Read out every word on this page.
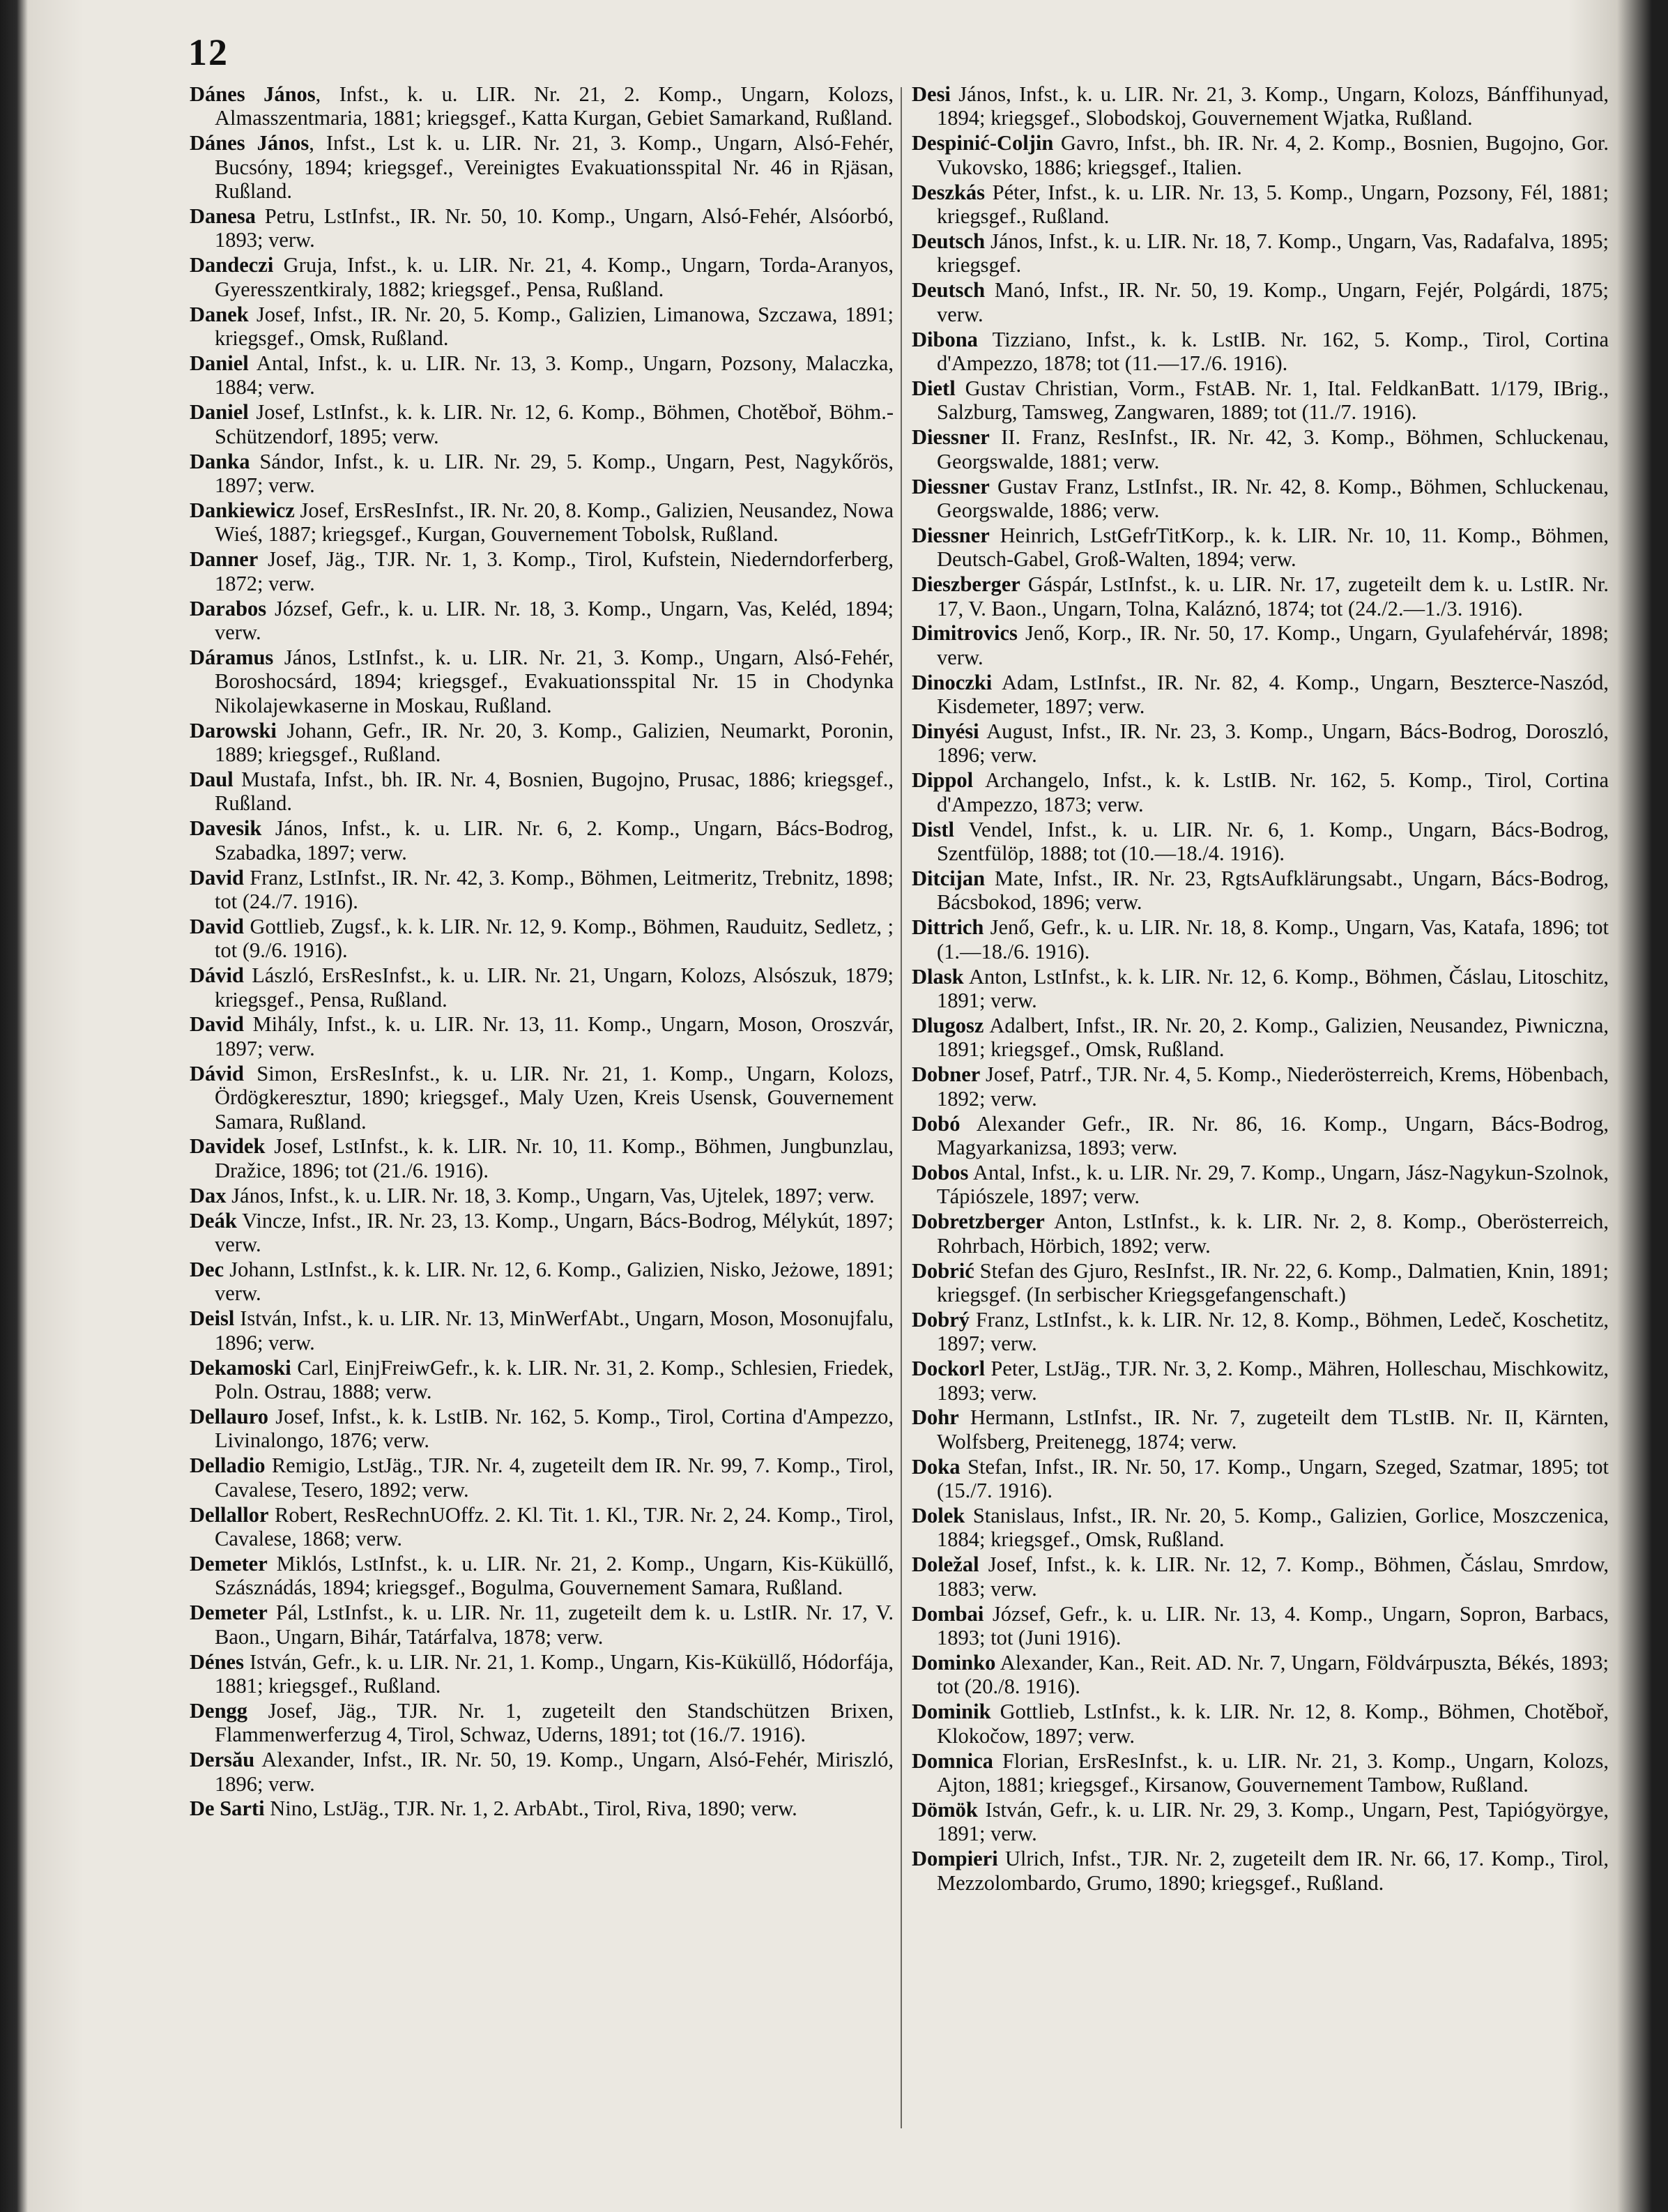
12

Dánes János, Infst., k. u. LIR. Nr. 21, 2. Komp., Ungarn, Kolozs, Almasszentmaria, 1881; kriegsgef., Katta Kurgan, Gebiet Samarkand, Rußland.

Dánes János, Infst., Lst k. u. LIR. Nr. 21, 3. Komp., Ungarn, Alsó-Fehér, Bucsóny, 1894; kriegsgef., Vereinigtes Evakuationsspital Nr. 46 in Rjäsan, Rußland.

Danesa Petru, LstInfst., IR. Nr. 50, 10. Komp., Ungarn, Alsó-Fehér, Alsóorbó, 1893; verw.

Dandeczi Gruja, Infst., k. u. LIR. Nr. 21, 4. Komp., Ungarn, Torda-Aranyos, Gyeresszentkiraly, 1882; kriegsgef., Pensa, Rußland.

Danek Josef, Infst., IR. Nr. 20, 5. Komp., Galizien, Limanowa, Szczawa, 1891; kriegsgef., Omsk, Rußland.

Daniel Antal, Infst., k. u. LIR. Nr. 13, 3. Komp., Ungarn, Pozsony, Malaczka, 1884; verw.

Daniel Josef, LstInfst., k. k. LIR. Nr. 12, 6. Komp., Böhmen, Chotěboř, Böhm.-Schützendorf, 1895; verw.

Danka Sándor, Infst., k. u. LIR. Nr. 29, 5. Komp., Ungarn, Pest, Nagykőrös, 1897; verw.

Dankiewicz Josef, ErsResInfst., IR. Nr. 20, 8. Komp., Galizien, Neusandez, Nowa Wieś, 1887; kriegsgef., Kurgan, Gouvernement Tobolsk, Rußland.

Danner Josef, Jäg., TJR. Nr. 1, 3. Komp., Tirol, Kufstein, Niederndorferberg, 1872; verw.

Darabos József, Gefr., k. u. LIR. Nr. 18, 3. Komp., Ungarn, Vas, Keléd, 1894; verw.

Dáramus János, LstInfst., k. u. LIR. Nr. 21, 3. Komp., Ungarn, Alsó-Fehér, Boroshocsárd, 1894; kriegsgef., Evakuationsspital Nr. 15 in Chodynka Nikolajewkaserne in Moskau, Rußland.

Darowski Johann, Gefr., IR. Nr. 20, 3. Komp., Galizien, Neumarkt, Poronin, 1889; kriegsgef., Rußland.

Daul Mustafa, Infst., bh. IR. Nr. 4, Bosnien, Bugojno, Prusac, 1886; kriegsgef., Rußland.

Davesik János, Infst., k. u. LIR. Nr. 6, 2. Komp., Ungarn, Bács-Bodrog, Szabadka, 1897; verw.

David Franz, LstInfst., IR. Nr. 42, 3. Komp., Böhmen, Leitmeritz, Trebnitz, 1898; tot (24./7. 1916).

David Gottlieb, Zugsf., k. k. LIR. Nr. 12, 9. Komp., Böhmen, Rauduitz, Sedletz, ; tot (9./6. 1916).

Dávid László, ErsResInfst., k. u. LIR. Nr. 21, Ungarn, Kolozs, Alsószuk, 1879; kriegsgef., Pensa, Rußland.

David Mihály, Infst., k. u. LIR. Nr. 13, 11. Komp., Ungarn, Moson, Oroszvár, 1897; verw.

Dávid Simon, ErsResInfst., k. u. LIR. Nr. 21, 1. Komp., Ungarn, Kolozs, Ördögkeresztur, 1890; kriegsgef., Maly Uzen, Kreis Usensk, Gouvernement Samara, Rußland.

Davidek Josef, LstInfst., k. k. LIR. Nr. 10, 11. Komp., Böhmen, Jungbunzlau, Dražice, 1896; tot (21./6. 1916).

Dax János, Infst., k. u. LIR. Nr. 18, 3. Komp., Ungarn, Vas, Ujtelek, 1897; verw.

Deák Vincze, Infst., IR. Nr. 23, 13. Komp., Ungarn, Bács-Bodrog, Mélykút, 1897; verw.

Dec Johann, LstInfst., k. k. LIR. Nr. 12, 6. Komp., Galizien, Nisko, Jeżowe, 1891; verw.

Deisl István, Infst., k. u. LIR. Nr. 13, MinWerfAbt., Ungarn, Moson, Mosonujfalu, 1896; verw.

Dekamoski Carl, EinjFreiwGefr., k. k. LIR. Nr. 31, 2. Komp., Schlesien, Friedek, Poln. Ostrau, 1888; verw.

Dellauro Josef, Infst., k. k. LstIB. Nr. 162, 5. Komp., Tirol, Cortina d'Ampezzo, Livinalongo, 1876; verw.

Delladio Remigio, LstJäg., TJR. Nr. 4, zugeteilt dem IR. Nr. 99, 7. Komp., Tirol, Cavalese, Tesero, 1892; verw.

Dellallor Robert, ResRechnUOffz. 2. Kl. Tit. 1. Kl., TJR. Nr. 2, 24. Komp., Tirol, Cavalese, 1868; verw.

Demeter Miklós, LstInfst., k. u. LIR. Nr. 21, 2. Komp., Ungarn, Kis-Küküllő, Szásznádás, 1894; kriegsgef., Bogulma, Gouvernement Samara, Rußland.

Demeter Pál, LstInfst., k. u. LIR. Nr. 11, zugeteilt dem k. u. LstIR. Nr. 17, V. Baon., Ungarn, Bihár, Tatárfalva, 1878; verw.

Dénes István, Gefr., k. u. LIR. Nr. 21, 1. Komp., Ungarn, Kis-Küküllő, Hódorfája, 1881; kriegsgef., Rußland.

Dengg Josef, Jäg., TJR. Nr. 1, zugeteilt den Standschützen Brixen, Flammenwerferzug 4, Tirol, Schwaz, Uderns, 1891; tot (16./7. 1916).

Dersău Alexander, Infst., IR. Nr. 50, 19. Komp., Ungarn, Alsó-Fehér, Miriszló, 1896; verw.

De Sarti Nino, LstJäg., TJR. Nr. 1, 2. ArbAbt., Tirol, Riva, 1890; verw.

Desi János, Infst., k. u. LIR. Nr. 21, 3. Komp., Ungarn, Kolozs, Bánffihunyad, 1894; kriegsgef., Slobodskoj, Gouvernement Wjatka, Rußland.

Despinić-Coljin Gavro, Infst., bh. IR. Nr. 4, 2. Komp., Bosnien, Bugojno, Gor. Vukovsko, 1886; kriegsgef., Italien.

Deszkás Péter, Infst., k. u. LIR. Nr. 13, 5. Komp., Ungarn, Pozsony, Fél, 1881; kriegsgef., Rußland.

Deutsch János, Infst., k. u. LIR. Nr. 18, 7. Komp., Ungarn, Vas, Radafalva, 1895; kriegsgef.

Deutsch Manó, Infst., IR. Nr. 50, 19. Komp., Ungarn, Fejér, Polgárdi, 1875; verw.

Dibona Tizziano, Infst., k. k. LstIB. Nr. 162, 5. Komp., Tirol, Cortina d'Ampezzo, 1878; tot (11.—17./6. 1916).

Dietl Gustav Christian, Vorm., FstAB. Nr. 1, Ital. FeldkanBatt. 1/179, IBrig., Salzburg, Tamsweg, Zangwaren, 1889; tot (11./7. 1916).

Diessner II. Franz, ResInfst., IR. Nr. 42, 3. Komp., Böhmen, Schluckenau, Georgswalde, 1881; verw.

Diessner Gustav Franz, LstInfst., IR. Nr. 42, 8. Komp., Böhmen, Schluckenau, Georgswalde, 1886; verw.

Diessner Heinrich, LstGefrTitKorp., k. k. LIR. Nr. 10, 11. Komp., Böhmen, Deutsch-Gabel, Groß-Walten, 1894; verw.

Dieszberger Gáspár, LstInfst., k. u. LIR. Nr. 17, zugeteilt dem k. u. LstIR. Nr. 17, V. Baon., Ungarn, Tolna, Kaláznó, 1874; tot (24./2.—1./3. 1916).

Dimitrovics Jenő, Korp., IR. Nr. 50, 17. Komp., Ungarn, Gyulafehérvár, 1898; verw.

Dinoczki Adam, LstInfst., IR. Nr. 82, 4. Komp., Ungarn, Beszterce-Naszód, Kisdemeter, 1897; verw.

Dinyési August, Infst., IR. Nr. 23, 3. Komp., Ungarn, Bács-Bodrog, Doroszló, 1896; verw.

Dippol Archangelo, Infst., k. k. LstIB. Nr. 162, 5. Komp., Tirol, Cortina d'Ampezzo, 1873; verw.

Distl Vendel, Infst., k. u. LIR. Nr. 6, 1. Komp., Ungarn, Bács-Bodrog, Szentfülöp, 1888; tot (10.—18./4. 1916).

Ditcijan Mate, Infst., IR. Nr. 23, RgtsAufklärungsabt., Ungarn, Bács-Bodrog, Bácsbokod, 1896; verw.

Dittrich Jenő, Gefr., k. u. LIR. Nr. 18, 8. Komp., Ungarn, Vas, Katafa, 1896; tot (1.—18./6. 1916).

Dlask Anton, LstInfst., k. k. LIR. Nr. 12, 6. Komp., Böhmen, Čáslau, Litoschitz, 1891; verw.

Dlugosz Adalbert, Infst., IR. Nr. 20, 2. Komp., Galizien, Neusandez, Piwniczna, 1891; kriegsgef., Omsk, Rußland.

Dobner Josef, Patrf., TJR. Nr. 4, 5. Komp., Niederösterreich, Krems, Höbenbach, 1892; verw.

Dobó Alexander Gefr., IR. Nr. 86, 16. Komp., Ungarn, Bács-Bodrog, Magyarkanizsa, 1893; verw.

Dobos Antal, Infst., k. u. LIR. Nr. 29, 7. Komp., Ungarn, Jász-Nagykun-Szolnok, Tápiószele, 1897; verw.

Dobretzberger Anton, LstInfst., k. k. LIR. Nr. 2, 8. Komp., Oberösterreich, Rohrbach, Hörbich, 1892; verw.

Dobrić Stefan des Gjuro, ResInfst., IR. Nr. 22, 6. Komp., Dalmatien, Knin, 1891; kriegsgef. (In serbischer Kriegsgefangenschaft.)

Dobrý Franz, LstInfst., k. k. LIR. Nr. 12, 8. Komp., Böhmen, Ledeč, Koschetitz, 1897; verw.

Dockorl Peter, LstJäg., TJR. Nr. 3, 2. Komp., Mähren, Holleschau, Mischkowitz, 1893; verw.

Dohr Hermann, LstInfst., IR. Nr. 7, zugeteilt dem TLstIB. Nr. II, Kärnten, Wolfsberg, Preitenegg, 1874; verw.

Doka Stefan, Infst., IR. Nr. 50, 17. Komp., Ungarn, Szeged, Szatmar, 1895; tot (15./7. 1916).

Dolek Stanislaus, Infst., IR. Nr. 20, 5. Komp., Galizien, Gorlice, Moszczenica, 1884; kriegsgef., Omsk, Rußland.

Doležal Josef, Infst., k. k. LIR. Nr. 12, 7. Komp., Böhmen, Čáslau, Smrdow, 1883; verw.

Dombai József, Gefr., k. u. LIR. Nr. 13, 4. Komp., Ungarn, Sopron, Barbacs, 1893; tot (Juni 1916).

Dominko Alexander, Kan., Reit. AD. Nr. 7, Ungarn, Földvárpuszta, Békés, 1893; tot (20./8. 1916).

Dominik Gottlieb, LstInfst., k. k. LIR. Nr. 12, 8. Komp., Böhmen, Chotěboř, Klokočow, 1897; verw.

Domnica Florian, ErsResInfst., k. u. LIR. Nr. 21, 3. Komp., Ungarn, Kolozs, Ajton, 1881; kriegsgef., Kirsanow, Gouvernement Tambow, Rußland.

Dömök István, Gefr., k. u. LIR. Nr. 29, 3. Komp., Ungarn, Pest, Tapiógyörgye, 1891; verw.

Dompieri Ulrich, Infst., TJR. Nr. 2, zugeteilt dem IR. Nr. 66, 17. Komp., Tirol, Mezzolombardo, Grumo, 1890; kriegsgef., Rußland.
